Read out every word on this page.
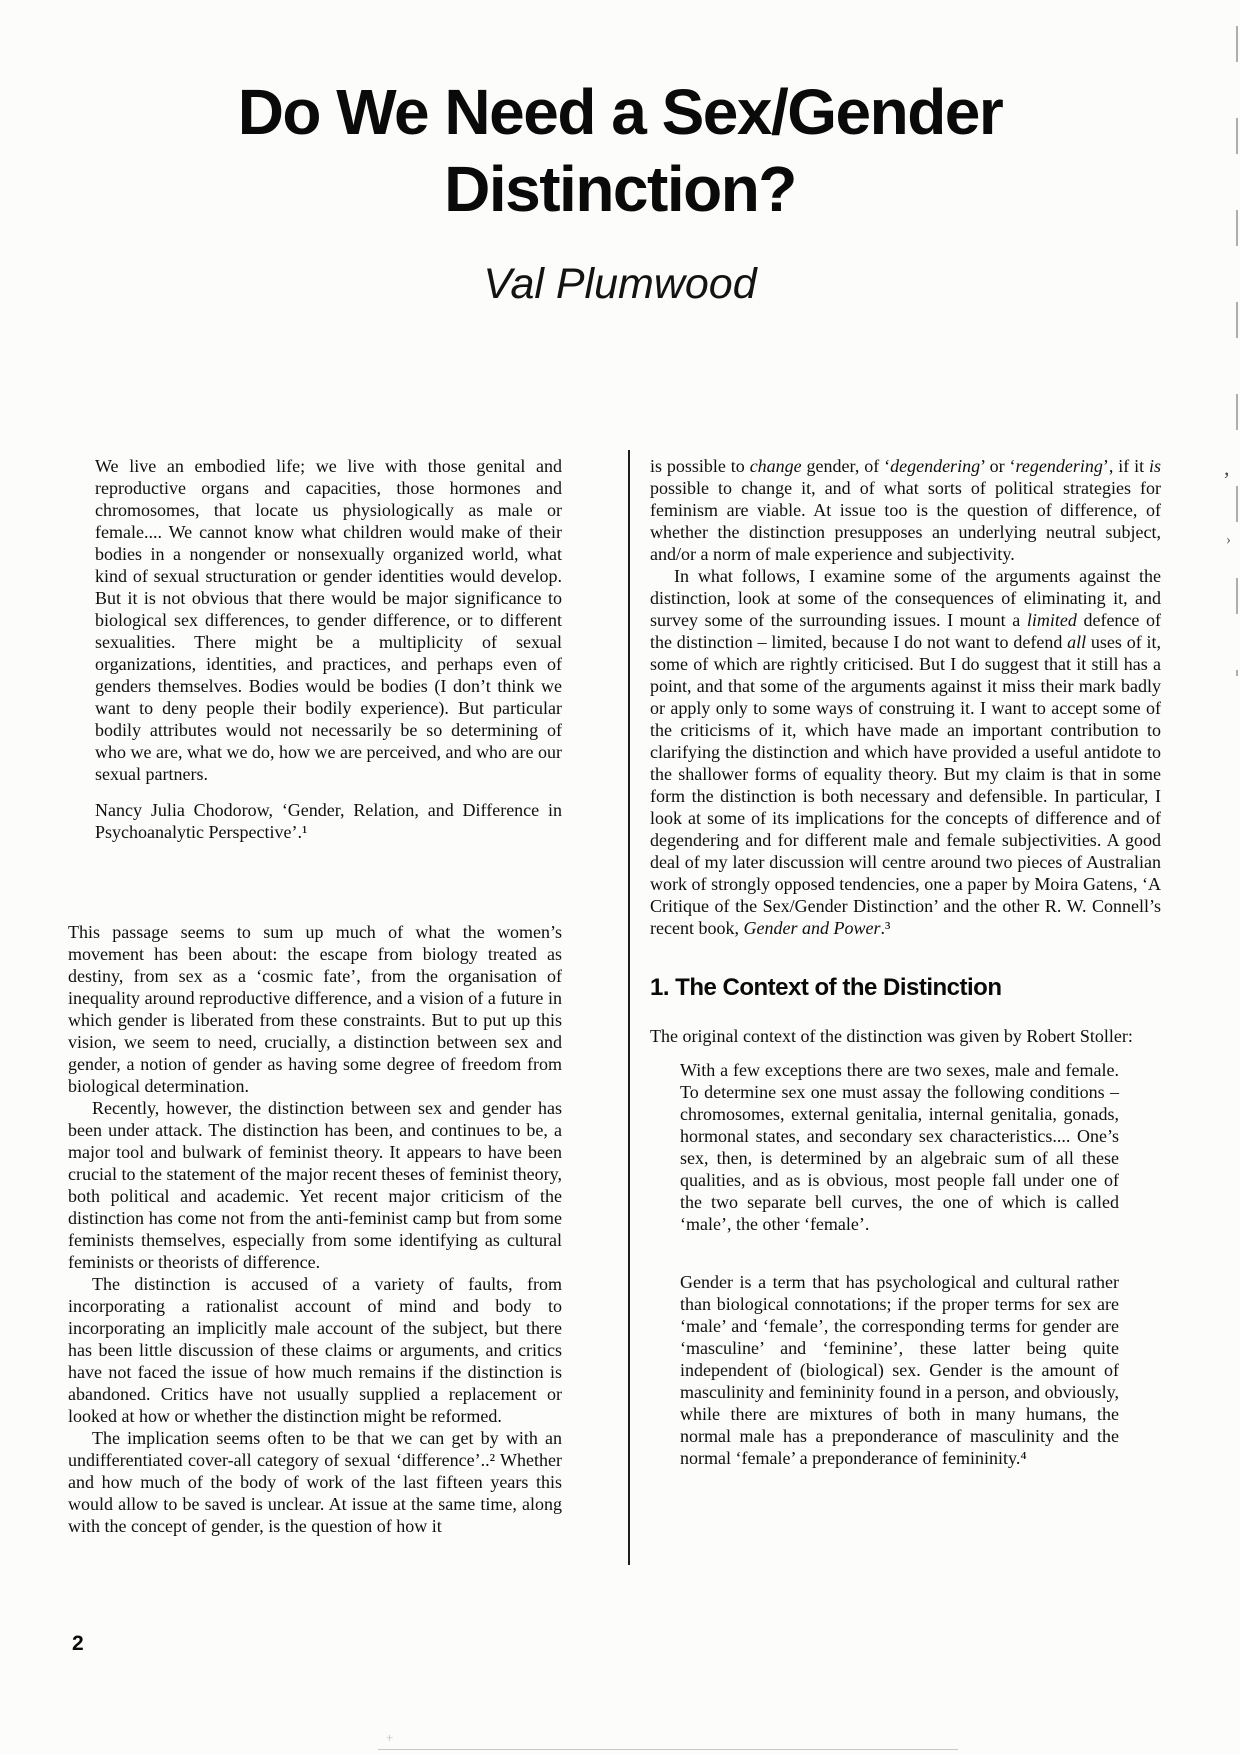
Do We Need a Sex/Gender
Distinction?
Val Plumwood
We live an embodied life; we live with those genital and reproductive organs and capacities, those hormones and chromosomes, that locate us physiologically as male or female.... We cannot know what children would make of their bodies in a nongender or nonsexually organized world, what kind of sexual structuration or gender identities would develop. But it is not obvious that there would be major significance to biological sex differences, to gender difference, or to different sexualities. There might be a multiplicity of sexual organizations, identities, and practices, and perhaps even of genders themselves. Bodies would be bodies (I don’t think we want to deny people their bodily experience). But particular bodily attributes would not necessarily be so determining of who we are, what we do, how we are perceived, and who are our sexual partners.
Nancy Julia Chodorow, ‘Gender, Relation, and Difference in Psychoanalytic Perspective’.¹

This passage seems to sum up much of what the women’s movement has been about: the escape from biology treated as destiny, from sex as a ‘cosmic fate’, from the organisation of inequality around reproductive difference, and a vision of a future in which gender is liberated from these constraints. But to put up this vision, we seem to need, crucially, a distinction between sex and gender, a notion of gender as having some degree of freedom from biological determination.

Recently, however, the distinction between sex and gender has been under attack. The distinction has been, and continues to be, a major tool and bulwark of feminist theory. It appears to have been crucial to the statement of the major recent theses of feminist theory, both political and academic. Yet recent major criticism of the distinction has come not from the anti-feminist camp but from some feminists themselves, especially from some identifying as cultural feminists or theorists of difference.

The distinction is accused of a variety of faults, from incorporating a rationalist account of mind and body to incorporating an implicitly male account of the subject, but there has been little discussion of these claims or arguments, and critics have not faced the issue of how much remains if the distinction is abandoned. Critics have not usually supplied a replacement or looked at how or whether the distinction might be reformed.

The implication seems often to be that we can get by with an undifferentiated cover-all category of sexual ‘difference’..² Whether and how much of the body of work of the last fifteen years this would allow to be saved is unclear. At issue at the same time, along with the concept of gender, is the question of how it

is possible to change gender, of ‘degendering’ or ‘regendering’, if it is possible to change it, and of what sorts of political strategies for feminism are viable. At issue too is the question of difference, of whether the distinction presupposes an underlying neutral subject, and/or a norm of male experience and subjectivity.

In what follows, I examine some of the arguments against the distinction, look at some of the consequences of eliminating it, and survey some of the surrounding issues. I mount a limited defence of the distinction – limited, because I do not want to defend all uses of it, some of which are rightly criticised. But I do suggest that it still has a point, and that some of the arguments against it miss their mark badly or apply only to some ways of construing it. I want to accept some of the criticisms of it, which have made an important contribution to clarifying the distinction and which have provided a useful antidote to the shallower forms of equality theory. But my claim is that in some form the distinction is both necessary and defensible. In particular, I look at some of its implications for the concepts of difference and of degendering and for different male and female subjectivities. A good deal of my later discussion will centre around two pieces of Australian work of strongly opposed tendencies, one a paper by Moira Gatens, ‘A Critique of the Sex/Gender Distinction’ and the other R. W. Connell’s recent book, Gender and Power.³

1. The Context of the Distinction

The original context of the distinction was given by Robert Stoller:

With a few exceptions there are two sexes, male and female. To determine sex one must assay the following conditions – chromosomes, external genitalia, internal genitalia, gonads, hormonal states, and secondary sex characteristics.... One’s sex, then, is determined by an algebraic sum of all these qualities, and as is obvious, most people fall under one of the two separate bell curves, the one of which is called ‘male’, the other ‘female’.
Gender is a term that has psychological and cultural rather than biological connotations; if the proper terms for sex are ‘male’ and ‘female’, the corresponding terms for gender are ‘masculine’ and ‘feminine’, these latter being quite independent of (biological) sex. Gender is the amount of masculinity and femininity found in a person, and obviously, while there are mixtures of both in many humans, the normal male has a preponderance of masculinity and the normal ‘female’ a preponderance of femininity.⁴
2
,
›
+
